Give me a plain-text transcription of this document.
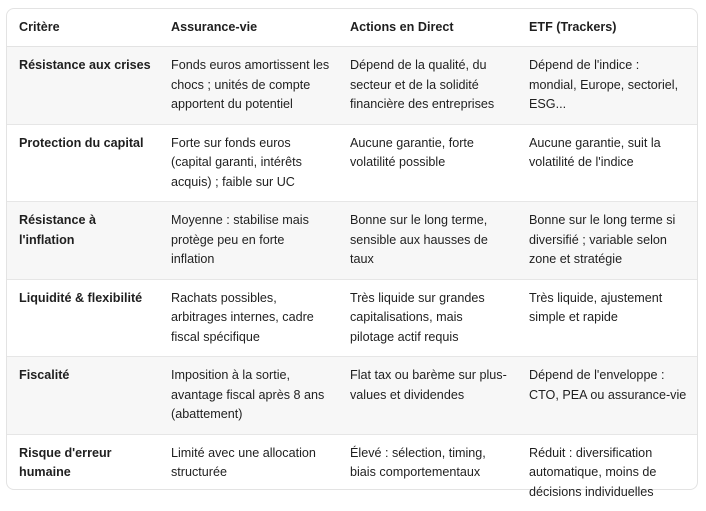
Critère	Assurance-vie	Actions en Direct	ETF (Trackers)
Résistance aux crises	Fonds euros amortissent les chocs ; unités de compte apportent du potentiel	Dépend de la qualité, du secteur et de la solidité financière des entreprises	Dépend de l'indice : mondial, Europe, sectoriel, ESG...
Protection du capital	Forte sur fonds euros (capital garanti, intérêts acquis) ; faible sur UC	Aucune garantie, forte volatilité possible	Aucune garantie, suit la volatilité de l'indice
Résistance à l'inflation	Moyenne : stabilise mais protège peu en forte inflation	Bonne sur le long terme, sensible aux hausses de taux	Bonne sur le long terme si diversifié ; variable selon zone et stratégie
Liquidité & flexibilité	Rachats possibles, arbitrages internes, cadre fiscal spécifique	Très liquide sur grandes capitalisations, mais pilotage actif requis	Très liquide, ajustement simple et rapide
Fiscalité	Imposition à la sortie, avantage fiscal après 8 ans (abattement)	Flat tax ou barème sur plus-values et dividendes	Dépend de l'enveloppe : CTO, PEA ou assurance-vie
Risque d'erreur humaine	Limité avec une allocation structurée	Élevé : sélection, timing, biais comportementaux	Réduit : diversification automatique, moins de décisions individuelles
